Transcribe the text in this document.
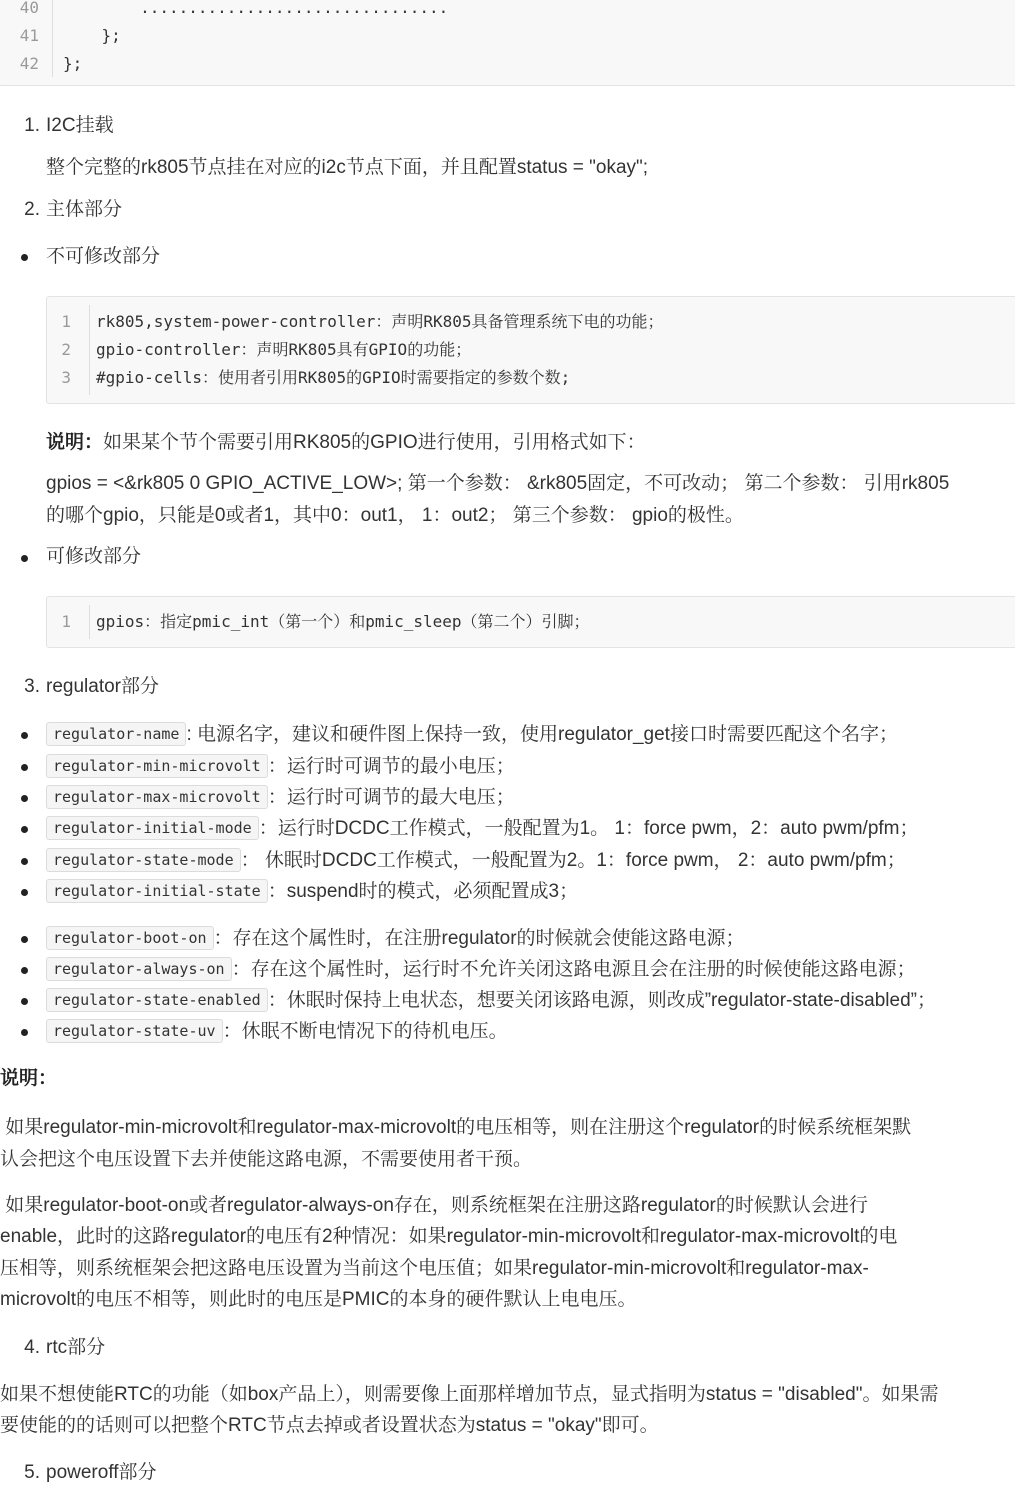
40 ................................
41 };
42 };
1. I2C挂载
整个完整的rk805节点挂在对应的i2c节点下面，并且配置status = "okay";
2. 主体部分
不可修改部分
1 rk805,system-power-controller：声明RK805具备管理系统下电的功能；
2 gpio-controller：声明RK805具有GPIO的功能；
3 #gpio-cells：使用者引用RK805的GPIO时需要指定的参数个数;
说明：如果某个节个需要引用RK805的GPIO进行使用，引用格式如下：
gpios = <&rk805 0 GPIO_ACTIVE_LOW>; 第一个参数： &rk805固定，不可改动； 第二个参数： 引用rk805
的哪个gpio，只能是0或者1，其中0：out1， 1：out2； 第三个参数： gpio的极性。
可修改部分
1 gpios：指定pmic_int（第一个）和pmic_sleep（第二个）引脚；
3. regulator部分
regulator-name : 电源名字，建议和硬件图上保持一致，使用regulator_get接口时需要匹配这个名字；
regulator-min-microvolt ：运行时可调节的最小电压；
regulator-max-microvolt ：运行时可调节的最大电压；
regulator-initial-mode ：运行时DCDC工作模式，一般配置为1。 1：force pwm，2：auto pwm/pfm；
regulator-state-mode ： 休眠时DCDC工作模式，一般配置为2。1：force pwm， 2：auto pwm/pfm；
regulator-initial-state ：suspend时的模式，必须配置成3；
regulator-boot-on ：存在这个属性时，在注册regulator的时候就会使能这路电源；
regulator-always-on ：存在这个属性时，运行时不允许关闭这路电源且会在注册的时候使能这路电源；
regulator-state-enabled ：休眠时保持上电状态，想要关闭该路电源，则改成”regulator-state-disabled”；
regulator-state-uv ：休眠不断电情况下的待机电压。
说明：
如果regulator-min-microvolt和regulator-max-microvolt的电压相等，则在注册这个regulator的时候系统框架默
认会把这个电压设置下去并使能这路电源，不需要使用者干预。
如果regulator-boot-on或者regulator-always-on存在，则系统框架在注册这路regulator的时候默认会进行
enable，此时的这路regulator的电压有2种情况：如果regulator-min-microvolt和regulator-max-microvolt的电
压相等，则系统框架会把这路电压设置为当前这个电压值；如果regulator-min-microvolt和regulator-max-
microvolt的电压不相等，则此时的电压是PMIC的本身的硬件默认上电电压。
4. rtc部分
如果不想使能RTC的功能（如box产品上），则需要像上面那样增加节点，显式指明为status = "disabled"。如果需
要使能的的话则可以把整个RTC节点去掉或者设置状态为status = "okay"即可。
5. poweroff部分
